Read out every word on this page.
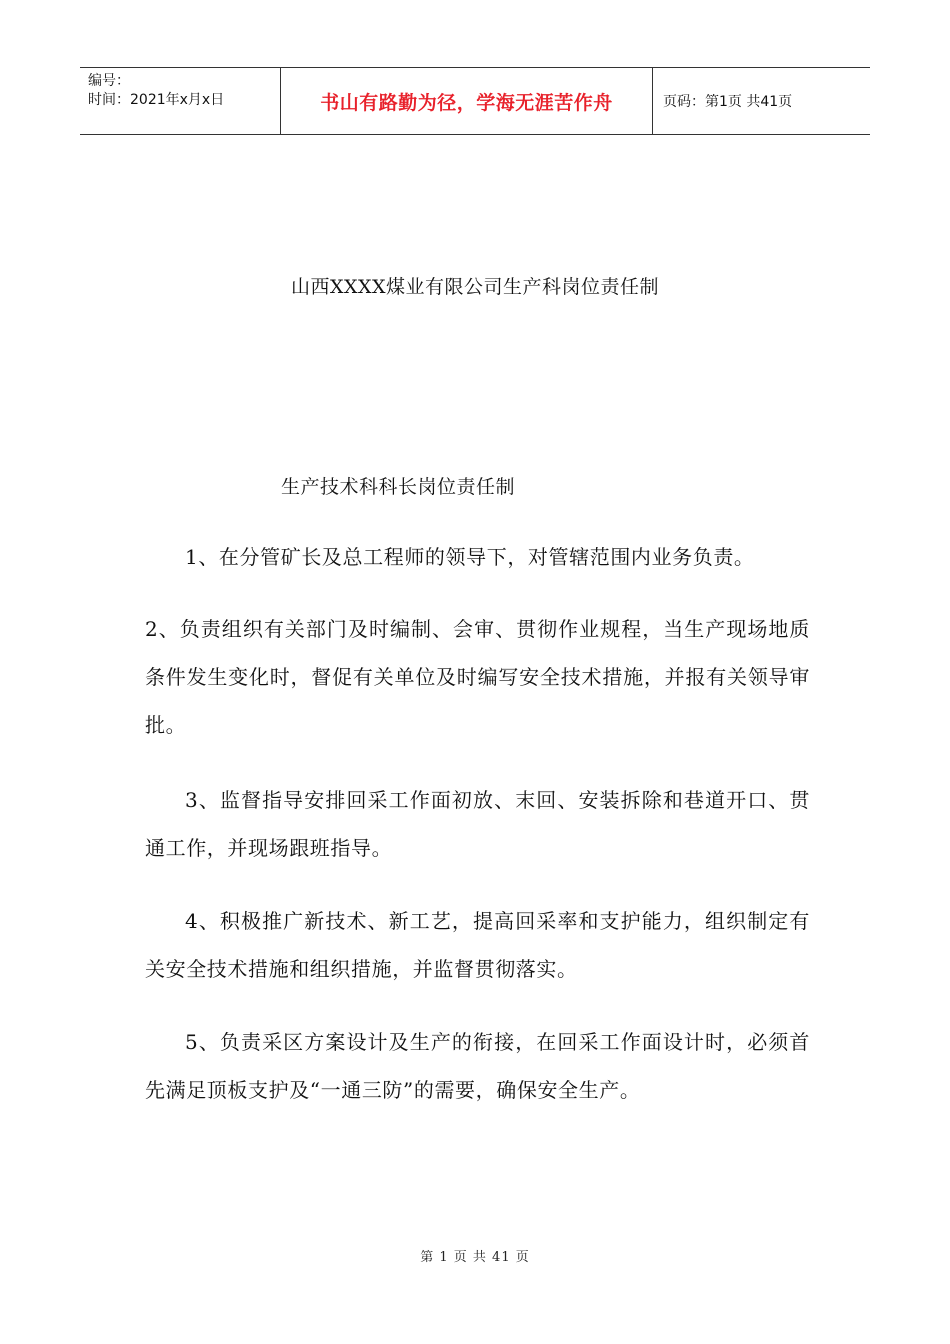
编号：
时间：2021年x月x日	书山有路勤为径，学海无涯苦作舟	页码：第1页 共41页
山西XXXX煤业有限公司生产科岗位责任制
生产技术科科长岗位责任制

1、在分管矿长及总工程师的领导下，对管辖范围内业务负责。

2、负责组织有关部门及时编制、会审、贯彻作业规程，当生产现场地质条件发生变化时，督促有关单位及时编写安全技术措施，并报有关领导审批。

3、监督指导安排回采工作面初放、末回、安装拆除和巷道开口、贯通工作，并现场跟班指导。

4、积极推广新技术、新工艺，提高回采率和支护能力，组织制定有关安全技术措施和组织措施，并监督贯彻落实。

5、负责采区方案设计及生产的衔接，在回采工作面设计时，必须首先满足顶板支护及“一通三防”的需要，确保安全生产。

第 1 页 共 41 页
